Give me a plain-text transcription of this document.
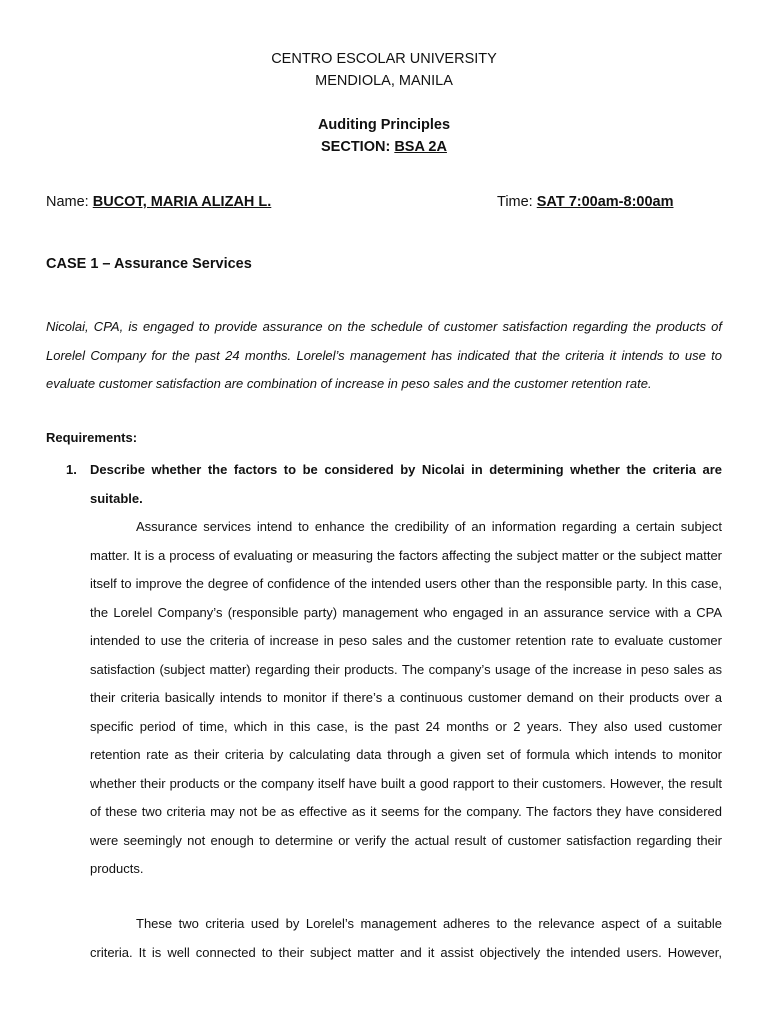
CENTRO ESCOLAR UNIVERSITY
MENDIOLA, MANILA
Auditing Principles
SECTION: BSA 2A
Name: BUCOT, MARIA ALIZAH L.	Time: SAT 7:00am-8:00am
CASE 1 – Assurance Services
Nicolai, CPA, is engaged to provide assurance on the schedule of customer satisfaction regarding the products of Lorelel Company for the past 24 months. Lorelel’s management has indicated that the criteria it intends to use to evaluate customer satisfaction are combination of increase in peso sales and the customer retention rate.
Requirements:
1. Describe whether the factors to be considered by Nicolai in determining whether the criteria are suitable.
Assurance services intend to enhance the credibility of an information regarding a certain subject matter. It is a process of evaluating or measuring the factors affecting the subject matter or the subject matter itself to improve the degree of confidence of the intended users other than the responsible party. In this case, the Lorelel Company’s (responsible party) management who engaged in an assurance service with a CPA intended to use the criteria of increase in peso sales and the customer retention rate to evaluate customer satisfaction (subject matter) regarding their products. The company’s usage of the increase in peso sales as their criteria basically intends to monitor if there’s a continuous customer demand on their products over a specific period of time, which in this case, is the past 24 months or 2 years. They also used customer retention rate as their criteria by calculating data through a given set of formula which intends to monitor whether their products or the company itself have built a good rapport to their customers. However, the result of these two criteria may not be as effective as it seems for the company. The factors they have considered were seemingly not enough to determine or verify the actual result of customer satisfaction regarding their products.
These two criteria used by Lorelel’s management adheres to the relevance aspect of a suitable criteria. It is well connected to their subject matter and it assist objectively the intended users. However,
